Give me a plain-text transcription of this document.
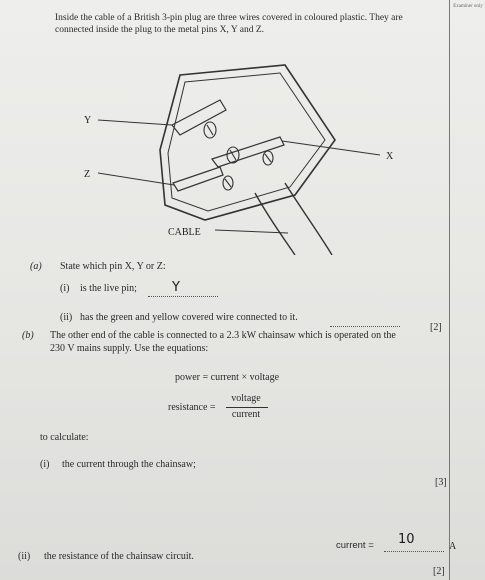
Examiner only
Inside the cable of a British 3-pin plug are three wires covered in coloured plastic. They are
connected inside the plug to the metal pins X, Y and Z.
Y
X
Z
CABLE
(a) State which pin X, Y or Z:
(i) is the live pin;	Y
(ii) has the green and yellow covered wire connected to it.
[2]
(b) The other end of the cable is connected to a 2.3 kW chainsaw which is operated on the
230 V mains supply. Use the equations:
power = current × voltage
resistance =
voltage
current
to calculate:
(i) the current through the chainsaw;
[3]
current = 10	A
(ii) the resistance of the chainsaw circuit.
[2]
